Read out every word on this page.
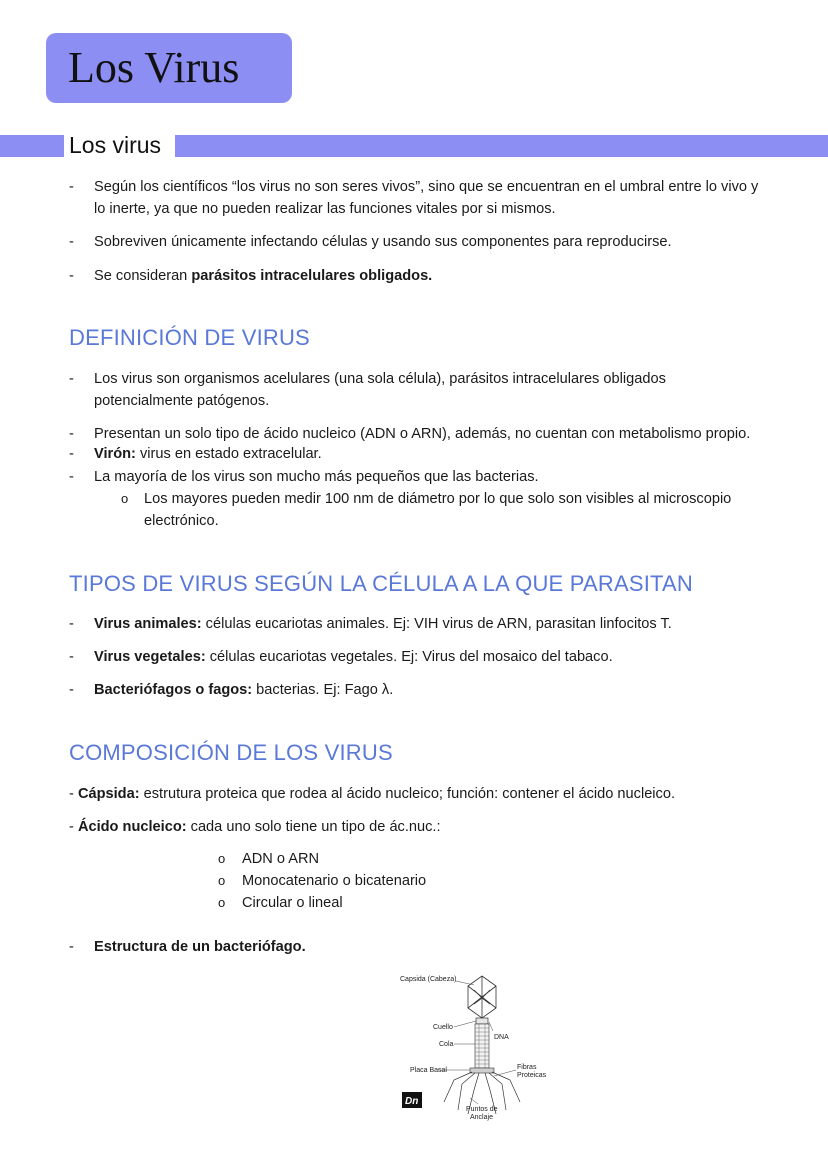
Los Virus
Los virus
- Según los científicos “los virus no son seres vivos”, sino que se encuentran en el umbral entre lo vivo y
lo inerte, ya que no pueden realizar las funciones vitales por si mismos.
- Sobreviven únicamente infectando células y usando sus componentes para reproducirse.
- Se consideran parásitos intracelulares obligados.
DEFINICIÓN DE VIRUS
- Los virus son organismos acelulares (una sola célula), parásitos intracelulares obligados
potencialmente patógenos.
- Presentan un solo tipo de ácido nucleico (ADN o ARN), además, no cuentan con metabolismo propio.
- Virón: virus en estado extracelular.
- La mayoría de los virus son mucho más pequeños que las bacterias.
o Los mayores pueden medir 100 nm de diámetro por lo que solo son visibles al microscopio
electrónico.
TIPOS DE VIRUS SEGÚN LA CÉLULA A LA QUE PARASITAN
- Virus animales: células eucariotas animales. Ej: VIH virus de ARN, parasitan linfocitos T.
- Virus vegetales: células eucariotas vegetales. Ej: Virus del mosaico del tabaco.
- Bacteriófagos o fagos: bacterias. Ej: Fago λ.
COMPOSICIÓN DE LOS VIRUS
- Cápsida: estrutura proteica que rodea al ácido nucleico; función: contener el ácido nucleico.
- Ácido nucleico: cada uno solo tiene un tipo de ác.nuc.:
o ADN o ARN
o Monocatenario o bicatenario
o Circular o lineal
- Estructura de un bacteriófago.
Capsida (Cabeza)
Cuello
DNA
Cola
Fibras
Proteicas
Placa Basal
Puntos de
Anclaje
Dn
